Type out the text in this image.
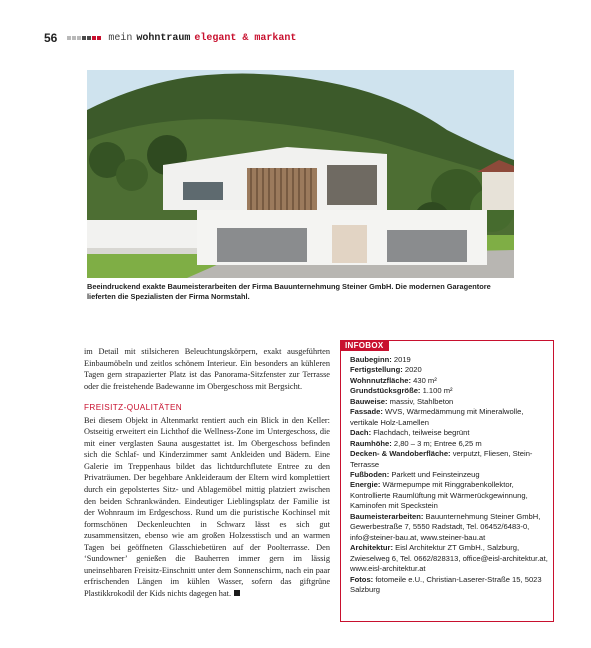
56	mein wohntraum elegant & markant
Beeindruckend exakte Baumeisterarbeiten der Firma Bauunternehmung Steiner GmbH. Die modernen Garagentore lieferten die Spezialisten der Firma Normstahl.

im Detail mit stilsicheren Beleuchtungskörpern, exakt ausgeführten Einbaumöbeln und zeitlos schönem Interieur. Ein besonders an kühleren Tagen gern strapazierter Platz ist das Panorama-Sitzfenster zur Terrasse oder die freistehende Badewanne im Obergeschoss mit Bergsicht.

FREISITZ-QUALITÄTEN

Bei diesem Objekt in Altenmarkt rentiert auch ein Blick in den Keller: Ostseitig erweitert ein Lichthof die Wellness-Zone im Untergeschoss, die mit einer verglasten Sauna ausgestattet ist. Im Obergeschoss befinden sich die Schlaf- und Kinderzimmer samt Ankleiden und Bädern. Eine Galerie im Treppenhaus bildet das lichtdurchflutete Entree zu den Privaträumen. Der begehbare Ankleideraum der Eltern wird komplettiert durch ein gepolstertes Sitz- und Ablagemöbel mittig platziert zwischen den beiden Schrankwänden. Eindeutiger Lieblingsplatz der Familie ist der Wohnraum im Erdgeschoss. Rund um die puristische Kochinsel mit formschönen Deckenleuchten in Schwarz lässt es sich gut zusammensitzen, ebenso wie am großen Holzesstisch und an warmen Tagen bei geöffneten Glasschiebetüren auf der Poolterrasse. Den ‘Sundowner’ genießen die Bauherren immer gern im lässig uneinsehbaren Freisitz-Einschnitt unter dem Sonnenschirm, nach ein paar erfrischenden Längen im kühlen Wasser, sofern das giftgrüne Plastikkrokodil der Kids nichts dagegen hat.

INFOBOX

Baubeginn: 2019

Fertigstellung: 2020

Wohnnutzfläche: 430 m²

Grundstücksgröße: 1.100 m²

Bauweise: massiv, Stahlbeton

Fassade: WVS, Wärmedämmung mit Mineralwolle, vertikale Holz-Lamellen

Dach: Flachdach, teilweise begrünt

Raumhöhe: 2,80 – 3 m; Entree 6,25 m

Decken- & Wandoberfläche: verputzt, Fliesen, Stein-Terrasse

Fußboden: Parkett und Feinsteinzeug

Energie: Wärmepumpe mit Ringgrabenkollektor, Kontrollierte Raumlüftung mit Wärmerückgewinnung, Kaminofen mit Speckstein

Baumeisterarbeiten: Bauunternehmung Steiner GmbH, Gewerbestraße 7, 5550 Radstadt, Tel. 06452/6483-0, info@steiner-bau.at, www.steiner-bau.at

Architektur: Eisl Architektur ZT GmbH., Salzburg, Zwieselweg 6, Tel. 0662/828313, office@eisl-architektur.at, www.eisl-architektur.at

Fotos: fotomeile e.U., Christian-Laserer-Straße 15, 5023 Salzburg
